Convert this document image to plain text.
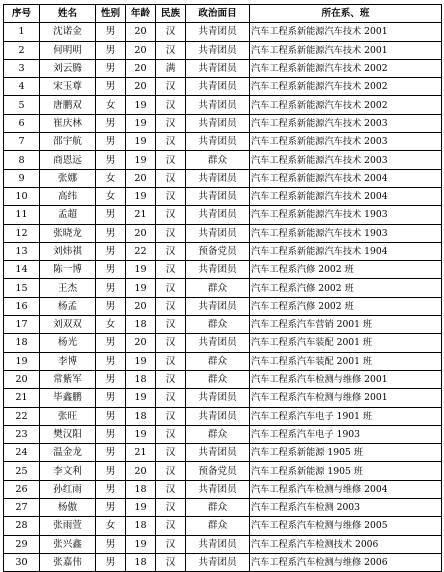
序号	姓名	性别	年龄	民族	政治面目	所在系、班
1	沈诺金	男	20	汉	共青团员	汽车工程系新能源汽车技术 2001
2	何明明	男	20	汉	共青团员	汽车工程系新能源汽车技术 2001
3	刘云腾	男	20	满	共青团员	汽车工程系新能源汽车技术 2002
4	宋玉尊	男	20	汉	共青团员	汽车工程系新能源汽车技术 2002
5	唐鹏双	女	19	汉	共青团员	汽车工程系新能源汽车技术 2002
6	崔庆林	男	19	汉	共青团员	汽车工程系新能源汽车技术 2003
7	邵宇航	男	19	汉	共青团员	汽车工程系新能源汽车技术 2003
8	商恩远	男	19	汉	群众	汽车工程系新能源汽车技术 2003
9	张娜	女	20	汉	共青团员	汽车工程系新能源汽车技术 2004
10	高纬	女	19	汉	共青团员	汽车工程系新能源汽车技术 2004
11	孟超	男	21	汉	共青团员	汽车工程系新能源汽车技术 1903
12	张晓龙	男	20	汉	共青团员	汽车工程系新能源汽车技术 1903
13	刘炜祺	男	22	汉	预备党员	汽车工程系新能源汽车技术 1904
14	陈一博	男	19	汉	共青团员	汽车工程系汽修 2002 班
15	王杰	男	19	汉	群众	汽车工程系汽修 2002 班
16	杨孟	男	20	汉	共青团员	汽车工程系汽修 2002 班
17	刘双双	女	18	汉	群众	汽车工程系汽车营销 2001 班
18	杨光	男	20	汉	共青团员	汽车工程系汽车装配 2001 班
19	李博	男	19	汉	群众	汽车工程系汽车装配 2001 班
20	常紫军	男	18	汉	群众	汽车工程系汽车检测与维修 2001
21	毕鑫鹏	男	19	汉	共青团员	汽车工程系汽车检测与维修 2001
22	张旺	男	18	汉	共青团员	汽车工程系汽车电子 1901 班
23	樊汉阳	男	19	汉	群众	汽车工程系汽车电子 1903
24	温金龙	男	21	汉	共青团员	汽车工程系新能源 1905 班
25	李文利	男	20	汉	预备党员	汽车工程系新能源 1905 班
26	孙红雨	男	18	汉	共青团员	汽车工程系汽车检测与维修 2004
27	杨傲	男	19	汉	群众	汽车工程系汽车检测 2003
28	张雨萱	女	18	汉	群众	汽车工程系汽车检测与维修 2005
29	张兴鑫	男	19	汉	共青团员	汽车工程系汽车检测技术 2006
30	张嘉伟	男	18	汉	共青团员	汽车工程系汽车检测与维修 2006
